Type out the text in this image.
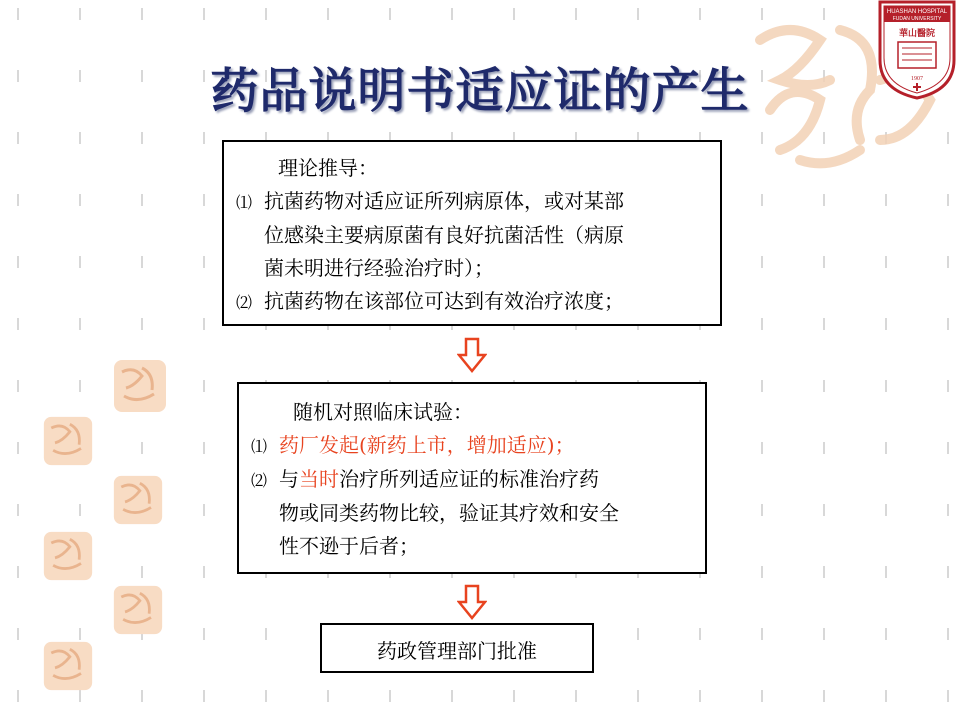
HUASHAN HOSPITAL
FUDAN UNIVERSITY
華山醫院
1907
药品说明书适应证的产生
理论推导：
⑴ 抗菌药物对适应证所列病原体，或对某部
位感染主要病原菌有良好抗菌活性（病原
菌未明进行经验治疗时）；
⑵ 抗菌药物在该部位可达到有效治疗浓度；
随机对照临床试验：
⑴ 药厂发起(新药上市，增加适应)；
⑵ 与当时治疗所列适应证的标准治疗药
物或同类药物比较，验证其疗效和安全
性不逊于后者；
药政管理部门批准
